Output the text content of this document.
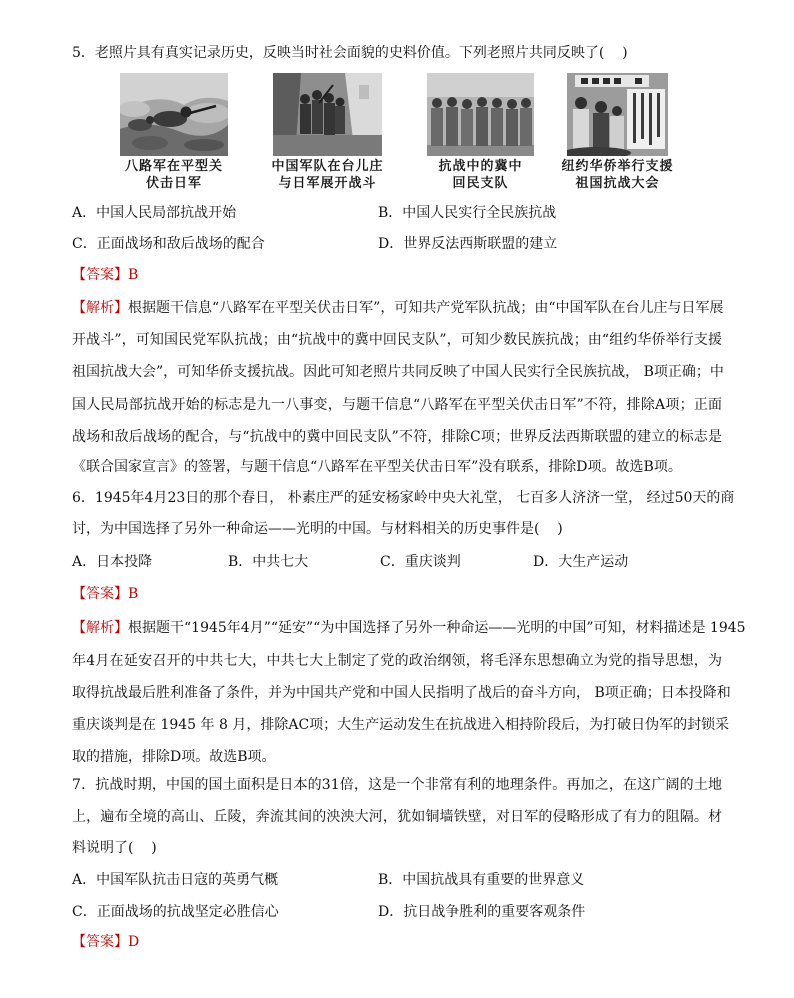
5．老照片具有真实记录历史，反映当时社会面貌的史料价值。下列老照片共同反映了(    )
八路军在平型关
伏击日军
中国军队在台儿庄
与日军展开战斗
抗战中的冀中
回民支队
纽约华侨举行支援
祖国抗战大会
A．中国人民局部抗战开始	B．中国人民实行全民族抗战
C．正面战场和敌后战场的配合	D．世界反法西斯联盟的建立
【答案】B
【解析】根据题干信息“八路军在平型关伏击日军”，可知共产党军队抗战；由“中国军队在台儿庄与日军展
开战斗”，可知国民党军队抗战；由“抗战中的冀中回民支队”，可知少数民族抗战；由“组约华侨举行支援
祖国抗战大会”，可知华侨支援抗战。因此可知老照片共同反映了中国人民实行全民族抗战， B项正确；中
国人民局部抗战开始的标志是九一八事变，与题干信息“八路军在平型关伏击日军”不符，排除A项；正面
战场和敌后战场的配合，与“抗战中的冀中回民支队”不符，排除C项；世界反法西斯联盟的建立的标志是
《联合国家宣言》的签署，与题干信息“八路军在平型关伏击日军”没有联系，排除D项。故选B项。
6．1945年4月23日的那个春日， 朴素庄严的延安杨家岭中央大礼堂， 七百多人济济一堂， 经过50天的商
讨，为中国选择了另外一种命运——光明的中国。与材料相关的历史事件是(    )
A．日本投降	B．中共七大	C．重庆谈判	D．大生产运动
【答案】B
【解析】根据题干“1945年4月”“延安”“为中国选择了另外一种命运——光明的中国”可知，材料描述是 1945
年4月在延安召开的中共七大，中共七大上制定了党的政治纲领，将毛泽东思想确立为党的指导思想，为
取得抗战最后胜利准备了条件，并为中国共产党和中国人民指明了战后的奋斗方向， B项正确；日本投降和
重庆谈判是在 1945 年 8 月，排除AC项；大生产运动发生在抗战进入相持阶段后，为打破日伪军的封锁采
取的措施，排除D项。故选B项。
7．抗战时期，中国的国土面积是日本的31倍，这是一个非常有利的地理条件。再加之，在这广阔的土地
上，遍布全境的高山、丘陵，奔流其间的泱泱大河，犹如铜墙铁壁，对日军的侵略形成了有力的阻隔。材
料说明了(    )
A．中国军队抗击日寇的英勇气概	B．中国抗战具有重要的世界意义
C．正面战场的抗战坚定必胜信心	D．抗日战争胜利的重要客观条件
【答案】D
